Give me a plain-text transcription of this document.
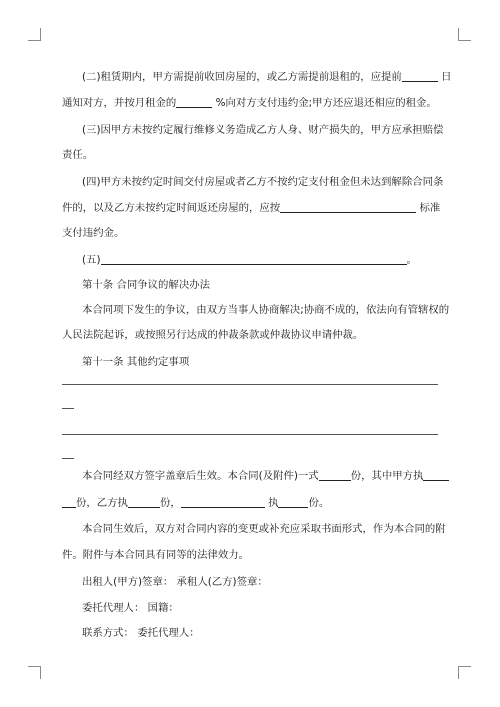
(二)租赁期内，甲方需提前收回房屋的，或乙方需提前退租的，应提前	日
通知对方，并按月租金的	%向对方支付违约金;甲方还应退还相应的租金。
(三)因甲方未按约定履行维修义务造成乙方人身、财产损失的，甲方应承担赔偿
责任。
(四)甲方未按约定时间交付房屋或者乙方不按约定支付租金但未达到解除合同条
件的，以及乙方未按约定时间返还房屋的，应按	标准
支付违约金。
(五)	。
第十条 合同争议的解决办法
本合同项下发生的争议，由双方当事人协商解决;协商不成的，依法向有管辖权的
人民法院起诉，或按照另行达成的仲裁条款或仲裁协议申请仲裁。
第十一条 其他约定事项
本合同经双方签字盖章后生效。本合同(及附件)一式	份，其中甲方执
份，乙方执	份，	执	份。
本合同生效后，双方对合同内容的变更或补充应采取书面形式，作为本合同的附
件。附件与本合同具有同等的法律效力。
出租人(甲方)签章： 承租人(乙方)签章：
委托代理人： 国籍：
联系方式： 委托代理人：
